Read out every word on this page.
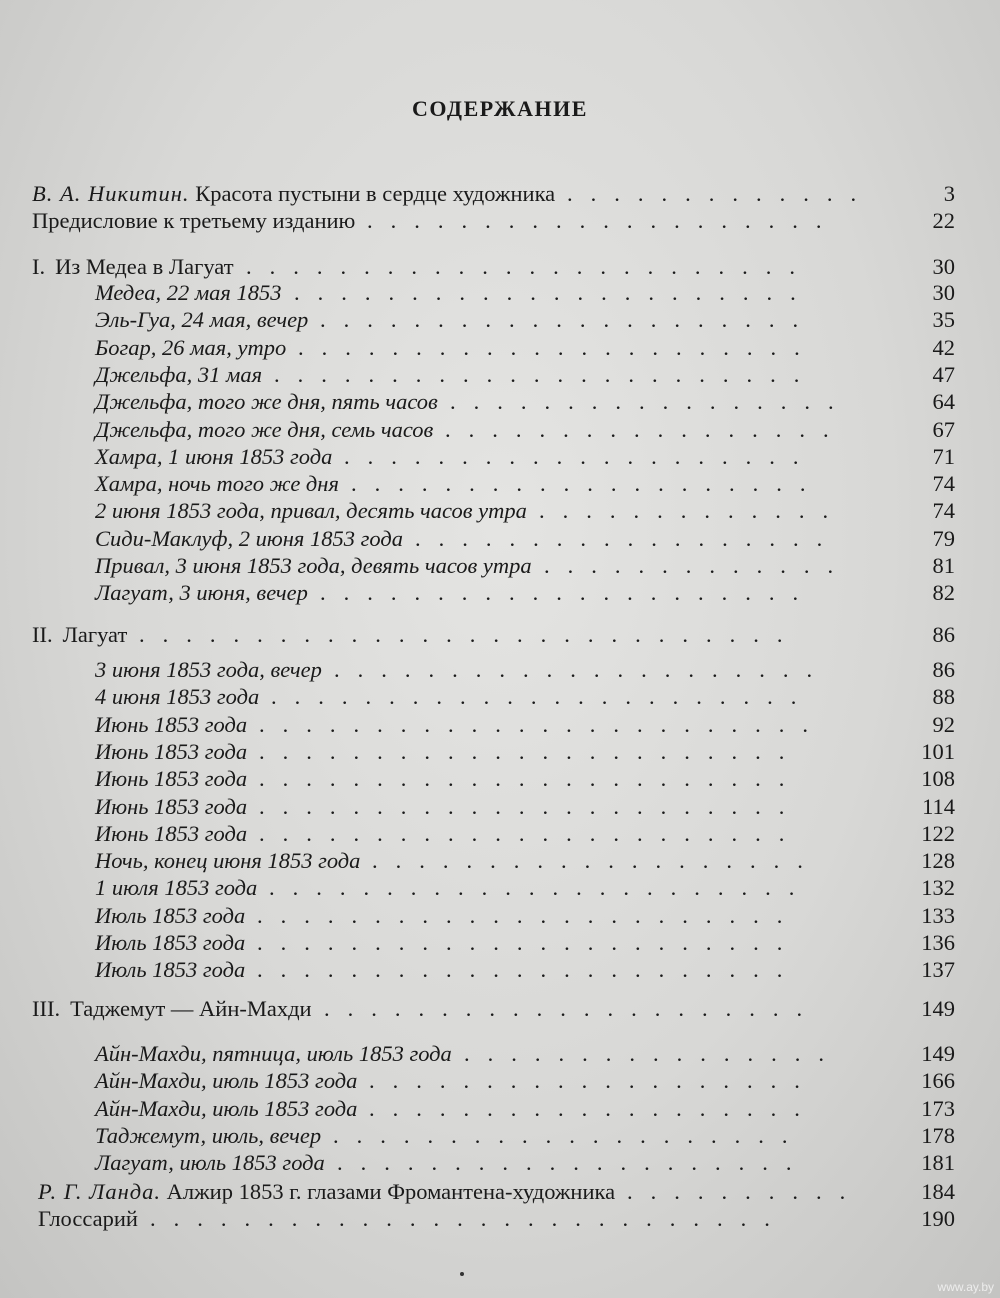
СОДЕРЖАНИЕ
В. А. Никитин. Красота пустыни в сердце художника .............	3
Предисловие к третьему изданию ....................	22
I. Из Медеа в Лагуат ........................	30
Медеа, 22 мая 1853 ......................	30
Эль-Гуа, 24 мая, вечер .....................	35
Богар, 26 мая, утро ......................	42
Джельфа, 31 мая .......................	47
Джельфа, того же дня, пять часов .................	64
Джельфа, того же дня, семь часов .................	67
Хамра, 1 июня 1853 года ....................	71
Хамра, ночь того же дня ....................	74
2 июня 1853 года, привал, десять часов утра .............	74
Сиди-Маклуф, 2 июня 1853 года ..................	79
Привал, 3 июня 1853 года, девять часов утра .............	81
Лагуат, 3 июня, вечер .....................	82
II. Лагуат ............................	86
3 июня 1853 года, вечер .....................	86
4 июня 1853 года .......................	88
Июнь 1853 года ........................	92
Июнь 1853 года .......................	101
Июнь 1853 года .......................	108
Июнь 1853 года .......................	114
Июнь 1853 года .......................	122
Ночь, конец июня 1853 года ...................	128
1 июля 1853 года .......................	132
Июль 1853 года .......................	133
Июль 1853 года .......................	136
Июль 1853 года .......................	137
III. Таджемут — Айн-Махди .....................	149
Айн-Махди, пятница, июль 1853 года ................	149
Айн-Махди, июль 1853 года ...................	166
Айн-Махди, июль 1853 года ...................	173
Таджемут, июль, вечер ....................	178
Лагуат, июль 1853 года ....................	181
Р. Г. Ланда. Алжир 1853 г. глазами Фромантена-художника ..........	184
Глоссарий ...........................	190
www.ay.by
